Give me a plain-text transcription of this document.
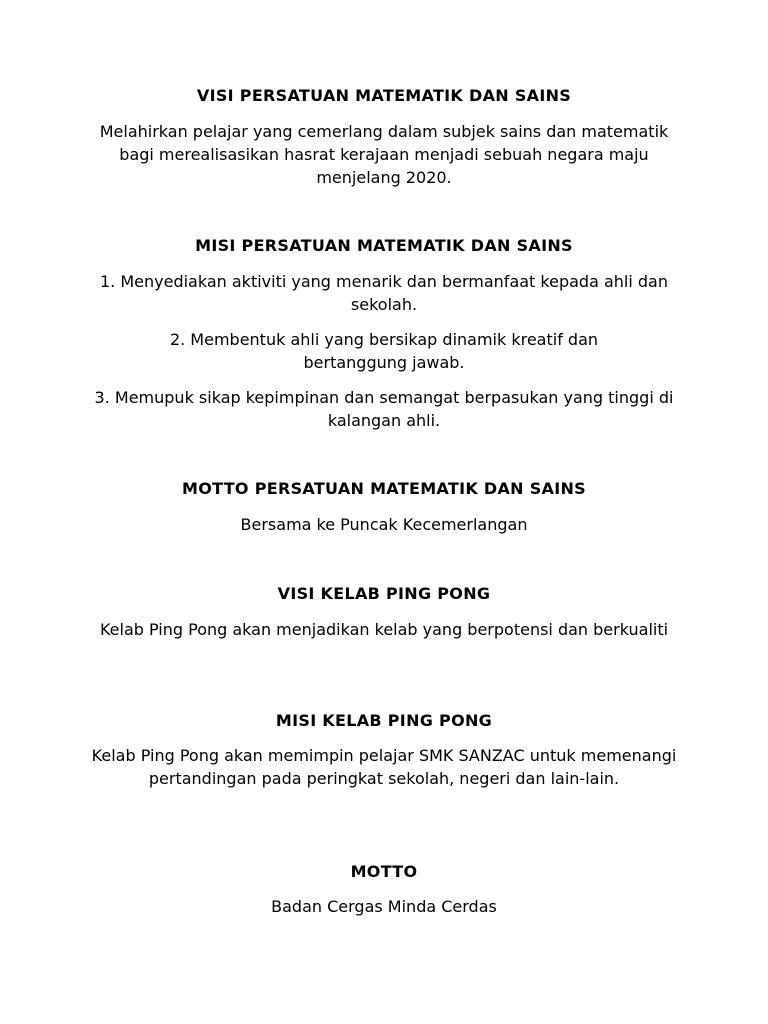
VISI PERSATUAN MATEMATIK DAN SAINS
Melahirkan pelajar yang cemerlang dalam subjek sains dan matematik bagi merealisasikan hasrat kerajaan menjadi sebuah negara maju menjelang 2020.
MISI PERSATUAN MATEMATIK DAN SAINS
1. Menyediakan aktiviti yang menarik dan bermanfaat kepada ahli dan sekolah.
2. Membentuk ahli yang bersikap dinamik kreatif dan bertanggung jawab.
3. Memupuk sikap kepimpinan dan semangat berpasukan yang tinggi di kalangan ahli.
MOTTO PERSATUAN MATEMATIK DAN SAINS
Bersama ke Puncak Kecemerlangan
VISI KELAB PING PONG
Kelab Ping Pong akan menjadikan kelab yang berpotensi dan berkualiti
MISI KELAB PING PONG
Kelab Ping Pong akan memimpin pelajar SMK SANZAC untuk memenangi pertandingan pada peringkat sekolah, negeri dan lain-lain.
MOTTO
Badan Cergas Minda Cerdas
